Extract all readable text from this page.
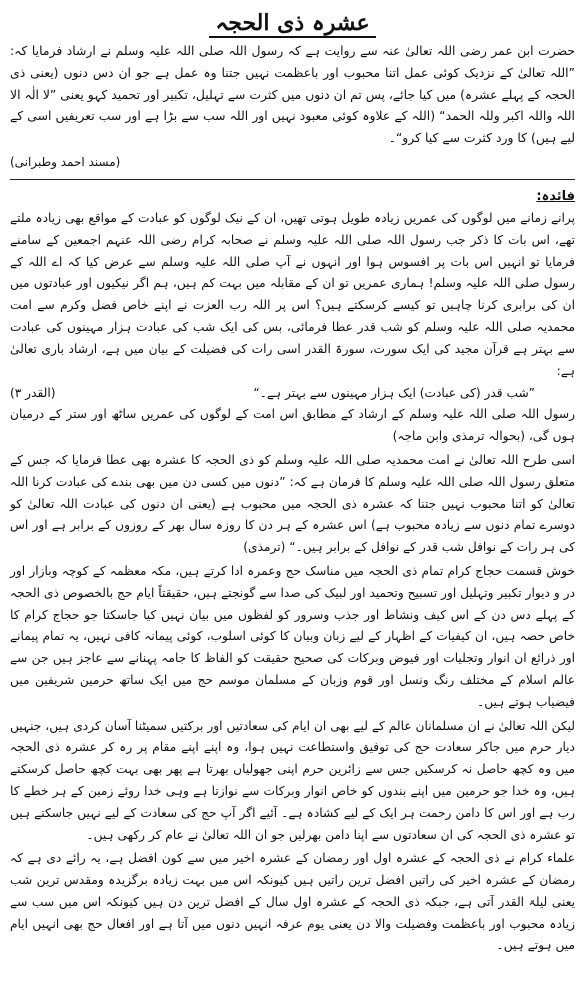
عشرہ ذی الحجہ

حضرت ابن عمر رضی اللہ تعالیٰ عنہ سے روایت ہے کہ رسول اللہ صلی اللہ علیہ وسلم نے ارشاد فرمایا کہ: ”اللہ تعالیٰ کے نزدیک کوئی عمل اتنا محبوب اور باعظمت نہیں جتنا وہ عمل ہے جو ان دس دنوں (یعنی ذی الحجہ کے پہلے عشرہ) میں کیا جائے، پس تم ان دنوں میں کثرت سے تہلیل، تکبیر اور تحمید کہو یعنی ”لا الٰہ الا اللہ واللہ اکبر وللہ الحمد“ (اللہ کے علاوہ کوئی معبود نہیں اور اللہ سب سے بڑا ہے اور سب تعریفیں اسی کے لیے ہیں) کا ورد کثرت سے کیا کرو“۔

(مسند احمد وطبرانی)
فائدہ:

پرانے زمانے میں لوگوں کی عمریں زیادہ طویل ہوتی تھیں، ان کے نیک لوگوں کو عبادت کے مواقع بھی زیادہ ملتے تھے، اس بات کا ذکر جب رسول اللہ صلی اللہ علیہ وسلم نے صحابہ کرام رضی اللہ عنہم اجمعین کے سامنے فرمایا تو انہیں اس بات پر افسوس ہوا اور انہوں نے آپ صلی اللہ علیہ وسلم سے عرض کیا کہ اے اللہ کے رسول صلی اللہ علیہ وسلم! ہماری عمریں تو ان کے مقابلہ میں بہت کم ہیں، ہم اگر نیکیوں اور عبادتوں میں ان کی برابری کرنا چاہیں تو کیسے کرسکتے ہیں؟ اس پر اللہ رب العزت نے اپنے خاص فضل وکرم سے امت محمدیہ صلی اللہ علیہ وسلم کو شب قدر عطا فرمائی، بس کی ایک شب کی عبادت ہزار مہینوں کی عبادت سے بہتر ہے قرآن مجید کی ایک سورت، سورۃ القدر اسی رات کی فضیلت کے بیان میں ہے، ارشاد باری تعالیٰ ہے:

”شب قدر (کی عبادت) ایک ہزار مہینوں سے بہتر ہے۔“
(القدر ۳)

رسول اللہ صلی اللہ علیہ وسلم کے ارشاد کے مطابق اس امت کے لوگوں کی عمریں ساٹھ اور ستر کے درمیان ہوں گی، (بحوالہ ترمذی وابن ماجہ)

اسی طرح اللہ تعالیٰ نے امت محمدیہ صلی اللہ علیہ وسلم کو ذی الحجہ کا عشرہ بھی عطا فرمایا کہ جس کے متعلق رسول اللہ صلی اللہ علیہ وسلم کا فرمان ہے کہ: ”دنوں میں کسی دن میں بھی بندے کی عبادت کرنا اللہ تعالیٰ کو اتنا محبوب نہیں جتنا کہ عشرہ ذی الحجہ میں محبوب ہے (یعنی ان دنوں کی عبادت اللہ تعالیٰ کو دوسرے تمام دنوں سے زیادہ محبوب ہے) اس عشرہ کے ہر دن کا روزہ سال بھر کے روزوں کے برابر ہے اور اس کی ہر رات کے نوافل شب قدر کے نوافل کے برابر ہیں۔“ (ترمذی)

خوش قسمت حجاج کرام تمام ذی الحجہ میں مناسک حج وعمرہ ادا کرتے ہیں، مکہ معظمہ کے کوچہ وبازار اور در و دیوار تکبیر وتہلیل اور تسبیح وتحمید اور لبیک کی صدا سے گونجتے ہیں، حقیقتاً ایام حج بالخصوص ذی الحجہ کے پہلے دس دن کے اس کیف ونشاط اور جذب وسرور کو لفظوں میں بیان نہیں کیا جاسکتا جو حجاج کرام کا خاص حصہ ہیں، ان کیفیات کے اظہار کے لیے زبان وبیان کا کوئی اسلوب، کوئی پیمانہ کافی نہیں، یہ تمام پیمانے اور ذرائع ان انوار وتجلیات اور فیوض وبرکات کی صحیح حقیقت کو الفاظ کا جامہ پہنانے سے عاجز ہیں جن سے عالم اسلام کے مختلف رنگ ونسل اور قوم وزبان کے مسلمان موسم حج میں ایک ساتھ حرمین شریفین میں فیضیاب ہوتے ہیں۔

لیکن اللہ تعالیٰ نے ان مسلمانان عالم کے لیے بھی ان ایام کی سعادتیں اور برکتیں سمیٹنا آسان کردی ہیں، جنہیں دیار حرم میں جاکر سعادت حج کی توفیق واستطاعت نہیں ہوا، وہ اپنے اپنے مقام پر رہ کر عشرہ ذی الحجہ میں وہ کچھ حاصل نہ کرسکیں جس سے زائرین حرم اپنی جھولیاں بھرتا ہے پھر بھی بہت کچھ حاصل کرسکتے ہیں، وہ خدا جو حرمین میں اپنے بندوں کو خاص انوار وبرکات سے نوازتا ہے وہی خدا روئے زمین کے ہر خطے کا رب ہے اور اس کا دامن رحمت ہر ایک کے لیے کشادہ ہے۔ آئیے اگر آپ حج کی سعادت کے لیے نہیں جاسکتے ہیں تو عشرہ ذی الحجہ کی ان سعادتوں سے اپنا دامن بھرلیں جو ان اللہ تعالیٰ نے عام کر رکھی ہیں۔

علماء کرام نے ذی الحجہ کے عشرہ اول اور رمضان کے عشرہ اخیر میں سے کون افضل ہے، یہ رائے دی ہے کہ رمضان کے عشرہ اخیر کی راتیں افضل ترین راتیں ہیں کیونکہ اس میں بہت زیادہ برگزیدہ ومقدس ترین شب یعنی لیلۃ القدر آتی ہے، جبکہ ذی الحجہ کے عشرہ اول سال کے افضل ترین دن ہیں کیونکہ اس میں سب سے زیادہ محبوب اور باعظمت وفضیلت والا دن یعنی یوم عرفہ انہیں دنوں میں آتا ہے اور افعال حج بھی انہیں ایام میں ہوتے ہیں۔
